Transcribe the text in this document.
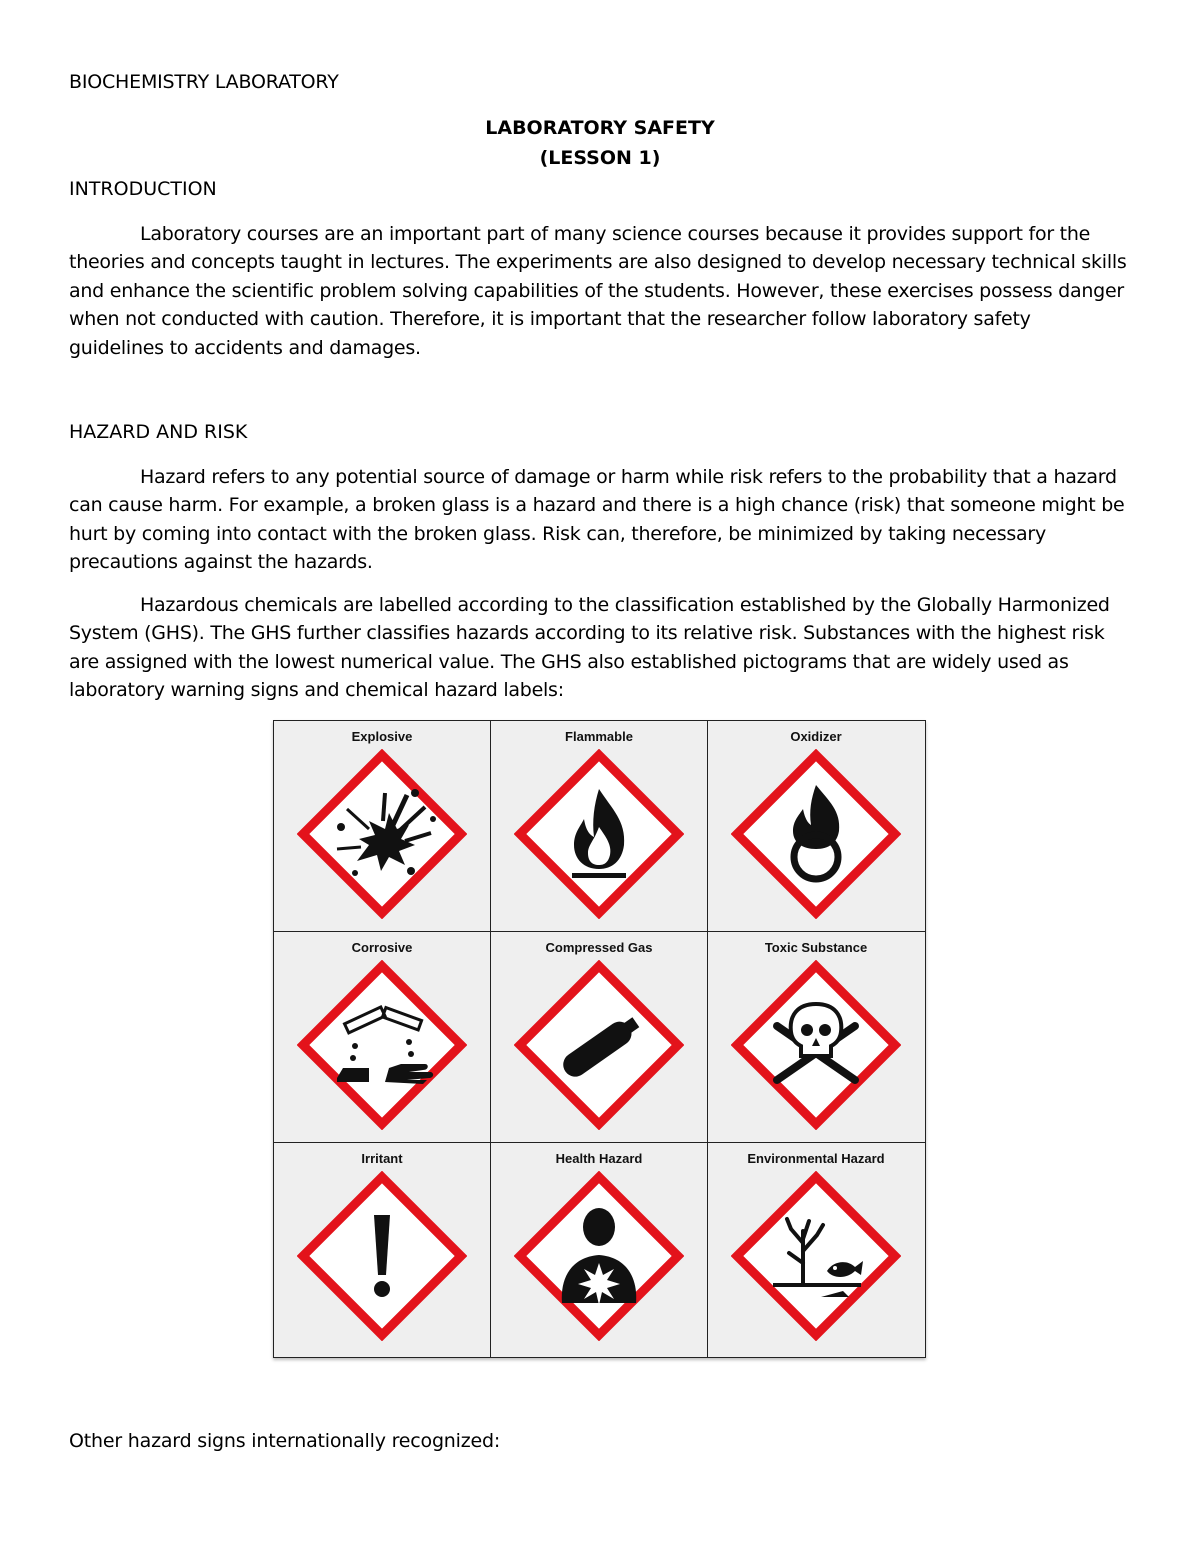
BIOCHEMISTRY LABORATORY
LABORATORY SAFETY
(LESSON 1)
INTRODUCTION
Laboratory courses are an important part of many science courses because it provides support for the theories and concepts taught in lectures. The experiments are also designed to develop necessary technical skills and enhance the scientific problem solving capabilities of the students. However, these exercises possess danger when not conducted with caution. Therefore, it is important that the researcher follow laboratory safety guidelines to accidents and damages.
HAZARD AND RISK
Hazard refers to any potential source of damage or harm while risk refers to the probability that a hazard can cause harm. For example, a broken glass is a hazard and there is a high chance (risk) that someone might be hurt by coming into contact with the broken glass. Risk can, therefore, be minimized by taking necessary precautions against the hazards.
Hazardous chemicals are labelled according to the classification established by the Globally Harmonized System (GHS). The GHS further classifies hazards according to its relative risk. Substances with the highest risk are assigned with the lowest numerical value. The GHS also established pictograms that are widely used as laboratory warning signs and chemical hazard labels:
Explosive	Flammable	Oxidizer
Corrosive	Compressed Gas	Toxic Substance
Irritant	Health Hazard	Environmental Hazard
Other hazard signs internationally recognized:
